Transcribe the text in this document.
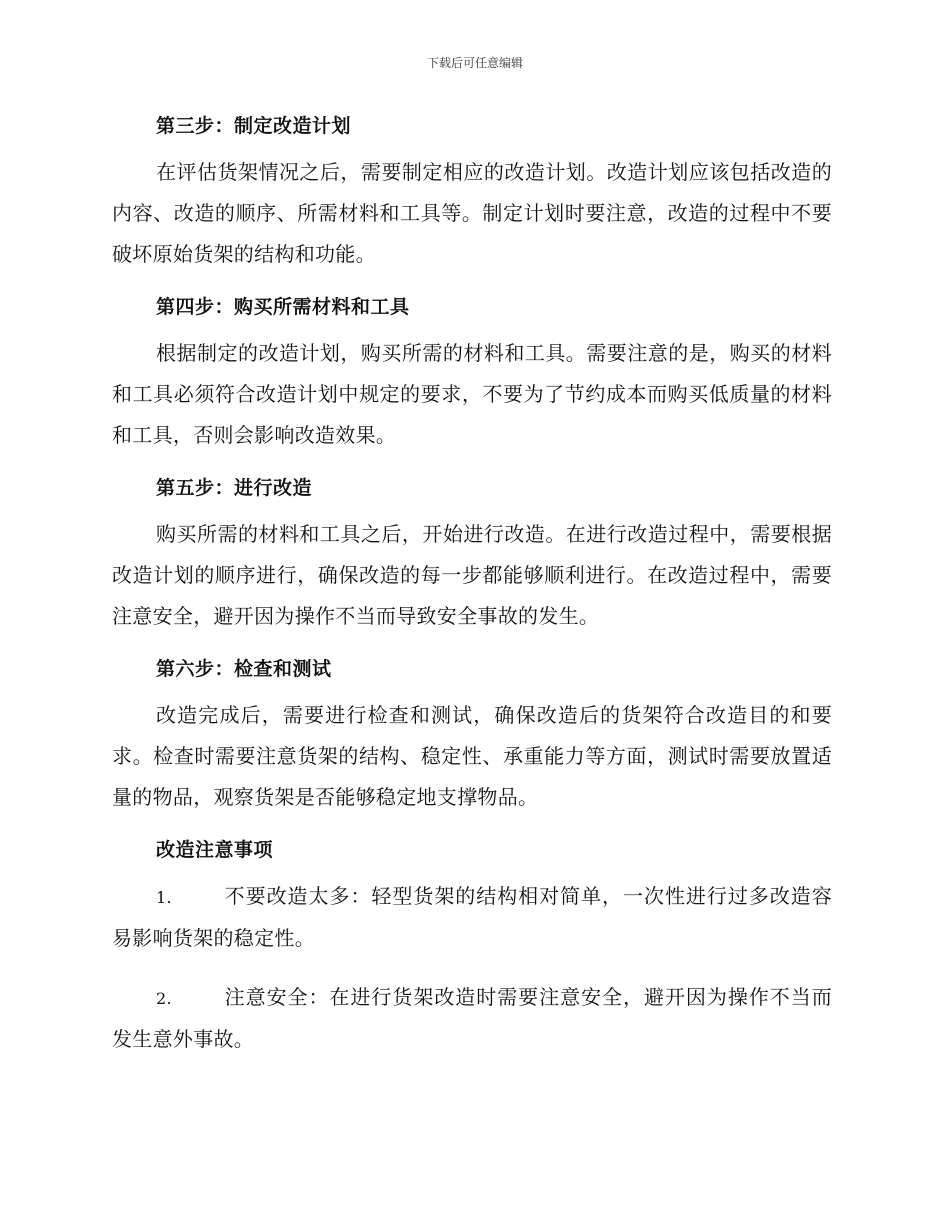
下载后可任意编辑
第三步：制定改造计划

在评估货架情况之后，需要制定相应的改造计划。改造计划应该包括改造的内容、改造的顺序、所需材料和工具等。制定计划时要注意，改造的过程中不要破坏原始货架的结构和功能。

第四步：购买所需材料和工具

根据制定的改造计划，购买所需的材料和工具。需要注意的是，购买的材料和工具必须符合改造计划中规定的要求，不要为了节约成本而购买低质量的材料和工具，否则会影响改造效果。

第五步：进行改造

购买所需的材料和工具之后，开始进行改造。在进行改造过程中，需要根据改造计划的顺序进行，确保改造的每一步都能够顺利进行。在改造过程中，需要注意安全，避开因为操作不当而导致安全事故的发生。

第六步：检查和测试

改造完成后，需要进行检查和测试，确保改造后的货架符合改造目的和要求。检查时需要注意货架的结构、稳定性、承重能力等方面，测试时需要放置适量的物品，观察货架是否能够稳定地支撑物品。

改造注意事项
1.	不要改造太多：轻型货架的结构相对简单，一次性进行过多改造容易影响货架的稳定性。
2.	注意安全：在进行货架改造时需要注意安全，避开因为操作不当而发生意外事故。
